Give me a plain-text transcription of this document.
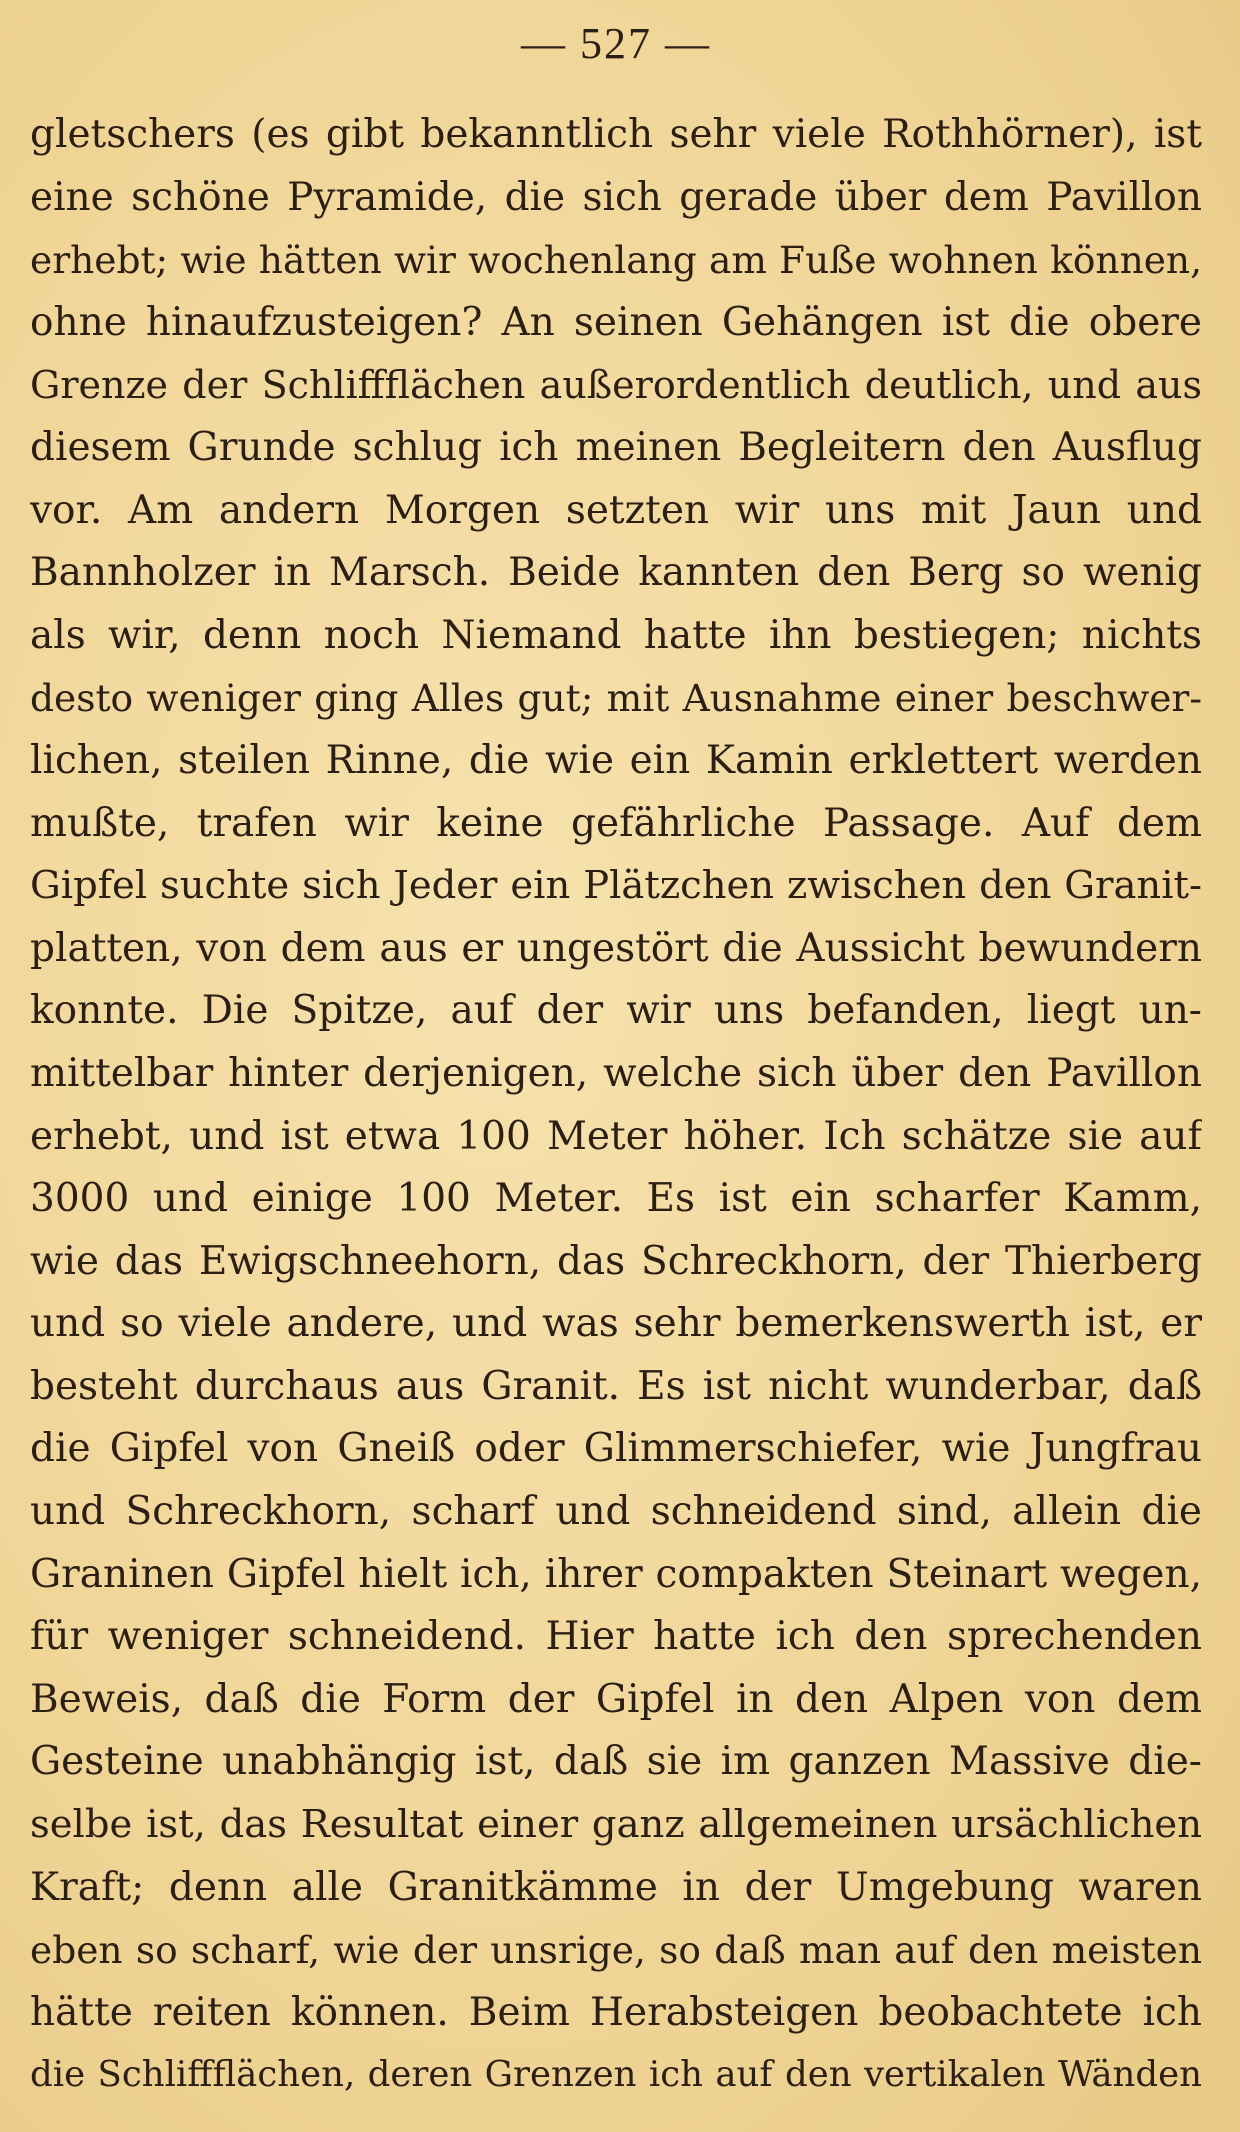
— 527 —
gletschers (es gibt bekanntlich sehr viele Rothhörner), ist
eine schöne Pyramide, die sich gerade über dem Pavillon
erhebt; wie hätten wir wochenlang am Fuße wohnen können,
ohne hinaufzusteigen? An seinen Gehängen ist die obere
Grenze der Schliffflächen außerordentlich deutlich, und aus
diesem Grunde schlug ich meinen Begleitern den Ausflug
vor. Am andern Morgen setzten wir uns mit Jaun und
Bannholzer in Marsch. Beide kannten den Berg so wenig
als wir, denn noch Niemand hatte ihn bestiegen; nichts
desto weniger ging Alles gut; mit Ausnahme einer beschwer-
lichen, steilen Rinne, die wie ein Kamin erklettert werden
mußte, trafen wir keine gefährliche Passage. Auf dem
Gipfel suchte sich Jeder ein Plätzchen zwischen den Granit-
platten, von dem aus er ungestört die Aussicht bewundern
konnte. Die Spitze, auf der wir uns befanden, liegt un-
mittelbar hinter derjenigen, welche sich über den Pavillon
erhebt, und ist etwa 100 Meter höher. Ich schätze sie auf
3000 und einige 100 Meter. Es ist ein scharfer Kamm,
wie das Ewigschneehorn, das Schreckhorn, der Thierberg
und so viele andere, und was sehr bemerkenswerth ist, er
besteht durchaus aus Granit. Es ist nicht wunderbar, daß
die Gipfel von Gneiß oder Glimmerschiefer, wie Jungfrau
und Schreckhorn, scharf und schneidend sind, allein die
Graninen Gipfel hielt ich, ihrer compakten Steinart wegen,
für weniger schneidend. Hier hatte ich den sprechenden
Beweis, daß die Form der Gipfel in den Alpen von dem
Gesteine unabhängig ist, daß sie im ganzen Massive die-
selbe ist, das Resultat einer ganz allgemeinen ursächlichen
Kraft; denn alle Granitkämme in der Umgebung waren
eben so scharf, wie der unsrige, so daß man auf den meisten
hätte reiten können. Beim Herabsteigen beobachtete ich
die Schliffflächen, deren Grenzen ich auf den vertikalen Wänden
